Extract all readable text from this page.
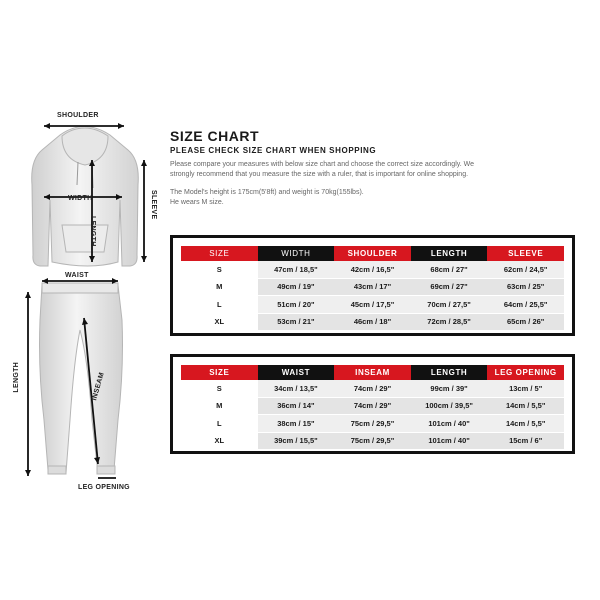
SHOULDER
WIDTH
LENGTH
SLEEVE
WAIST
LENGTH	INSEAM
LEG OPENING
SIZE CHART
PLEASE CHECK SIZE CHART WHEN SHOPPING
Please compare your measures with below size chart and choose the correct size accordingly. We
strongly recommend that you measure the size with a ruler, that is important for online shopping.
The Model's height is 175cm(5'8ft) and weight is 70kg(155lbs).
He wears M size.
SIZE	WIDTH	SHOULDER	LENGTH	SLEEVE
S	47cm / 18,5"	42cm / 16,5"	68cm / 27"	62cm / 24,5"
M	49cm / 19"	43cm / 17"	69cm / 27"	63cm / 25"
L	51cm / 20"	45cm / 17,5"	70cm / 27,5"	64cm / 25,5"
XL	53cm / 21"	46cm / 18"	72cm / 28,5"	65cm / 26"
SIZE	WAIST	INSEAM	LENGTH	LEG OPENING
S	34cm / 13,5"	74cm / 29"	99cm / 39"	13cm / 5"
M	36cm / 14"	74cm / 29"	100cm / 39,5"	14cm / 5,5"
L	38cm / 15"	75cm / 29,5"	101cm / 40"	14cm / 5,5"
XL	39cm / 15,5"	75cm / 29,5"	101cm / 40"	15cm / 6"
